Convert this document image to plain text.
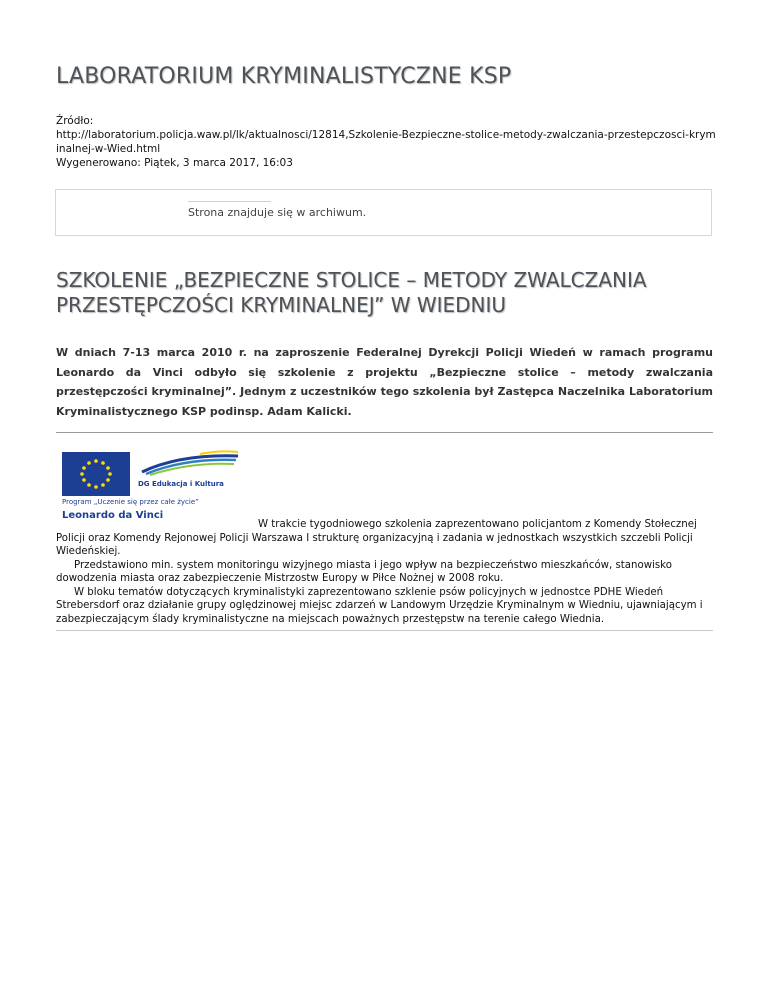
LABORATORIUM KRYMINALISTYCZNE KSP
Źródło:
http://laboratorium.policja.waw.pl/lk/aktualnosci/12814,Szkolenie-Bezpieczne-stolice-metody-zwalczania-przestepczosci-krym
inalnej-w-Wied.html
Wygenerowano: Piątek, 3 marca 2017, 16:03
Strona znajduje się w archiwum.
SZKOLENIE „BEZPIECZNE STOLICE – METODY ZWALCZANIA
PRZESTĘPCZOŚCI KRYMINALNEJ” W WIEDNIU
W dniach 7-13 marca 2010 r. na zaproszenie Federalnej Dyrekcji Policji Wiedeń w ramach programu Leonardo da Vinci odbyło się szkolenie z projektu „Bezpieczne stolice – metody zwalczania przestępczości kryminalnej”. Jednym z uczestników tego szkolenia był Zastępca Naczelnika Laboratorium Kryminalistycznego KSP podinsp. Adam Kalicki.
DG Edukacja i Kultura
Program „Uczenie się przez całe życie”
Leonardo da Vinci

W trakcie tygodniowego szkolenia zaprezentowano policjantom z Komendy Stołecznej Policji oraz Komendy Rejonowej Policji Warszawa I strukturę organizacyjną i zadania w jednostkach wszystkich szczebli Policji Wiedeńskiej.

Przedstawiono min. system monitoringu wizyjnego miasta i jego wpływ na bezpieczeństwo mieszkańców, stanowisko dowodzenia miasta oraz zabezpieczenie Mistrzostw Europy w Piłce Nożnej w 2008 roku.

W bloku tematów dotyczących kryminalistyki zaprezentowano szklenie psów policyjnych w jednostce PDHE Wiedeń Strebersdorf oraz działanie grupy oględzinowej miejsc zdarzeń w Landowym Urzędzie Kryminalnym w Wiedniu, ujawniającym i zabezpieczającym ślady kryminalistyczne na miejscach poważnych przestępstw na terenie całego Wiednia.
